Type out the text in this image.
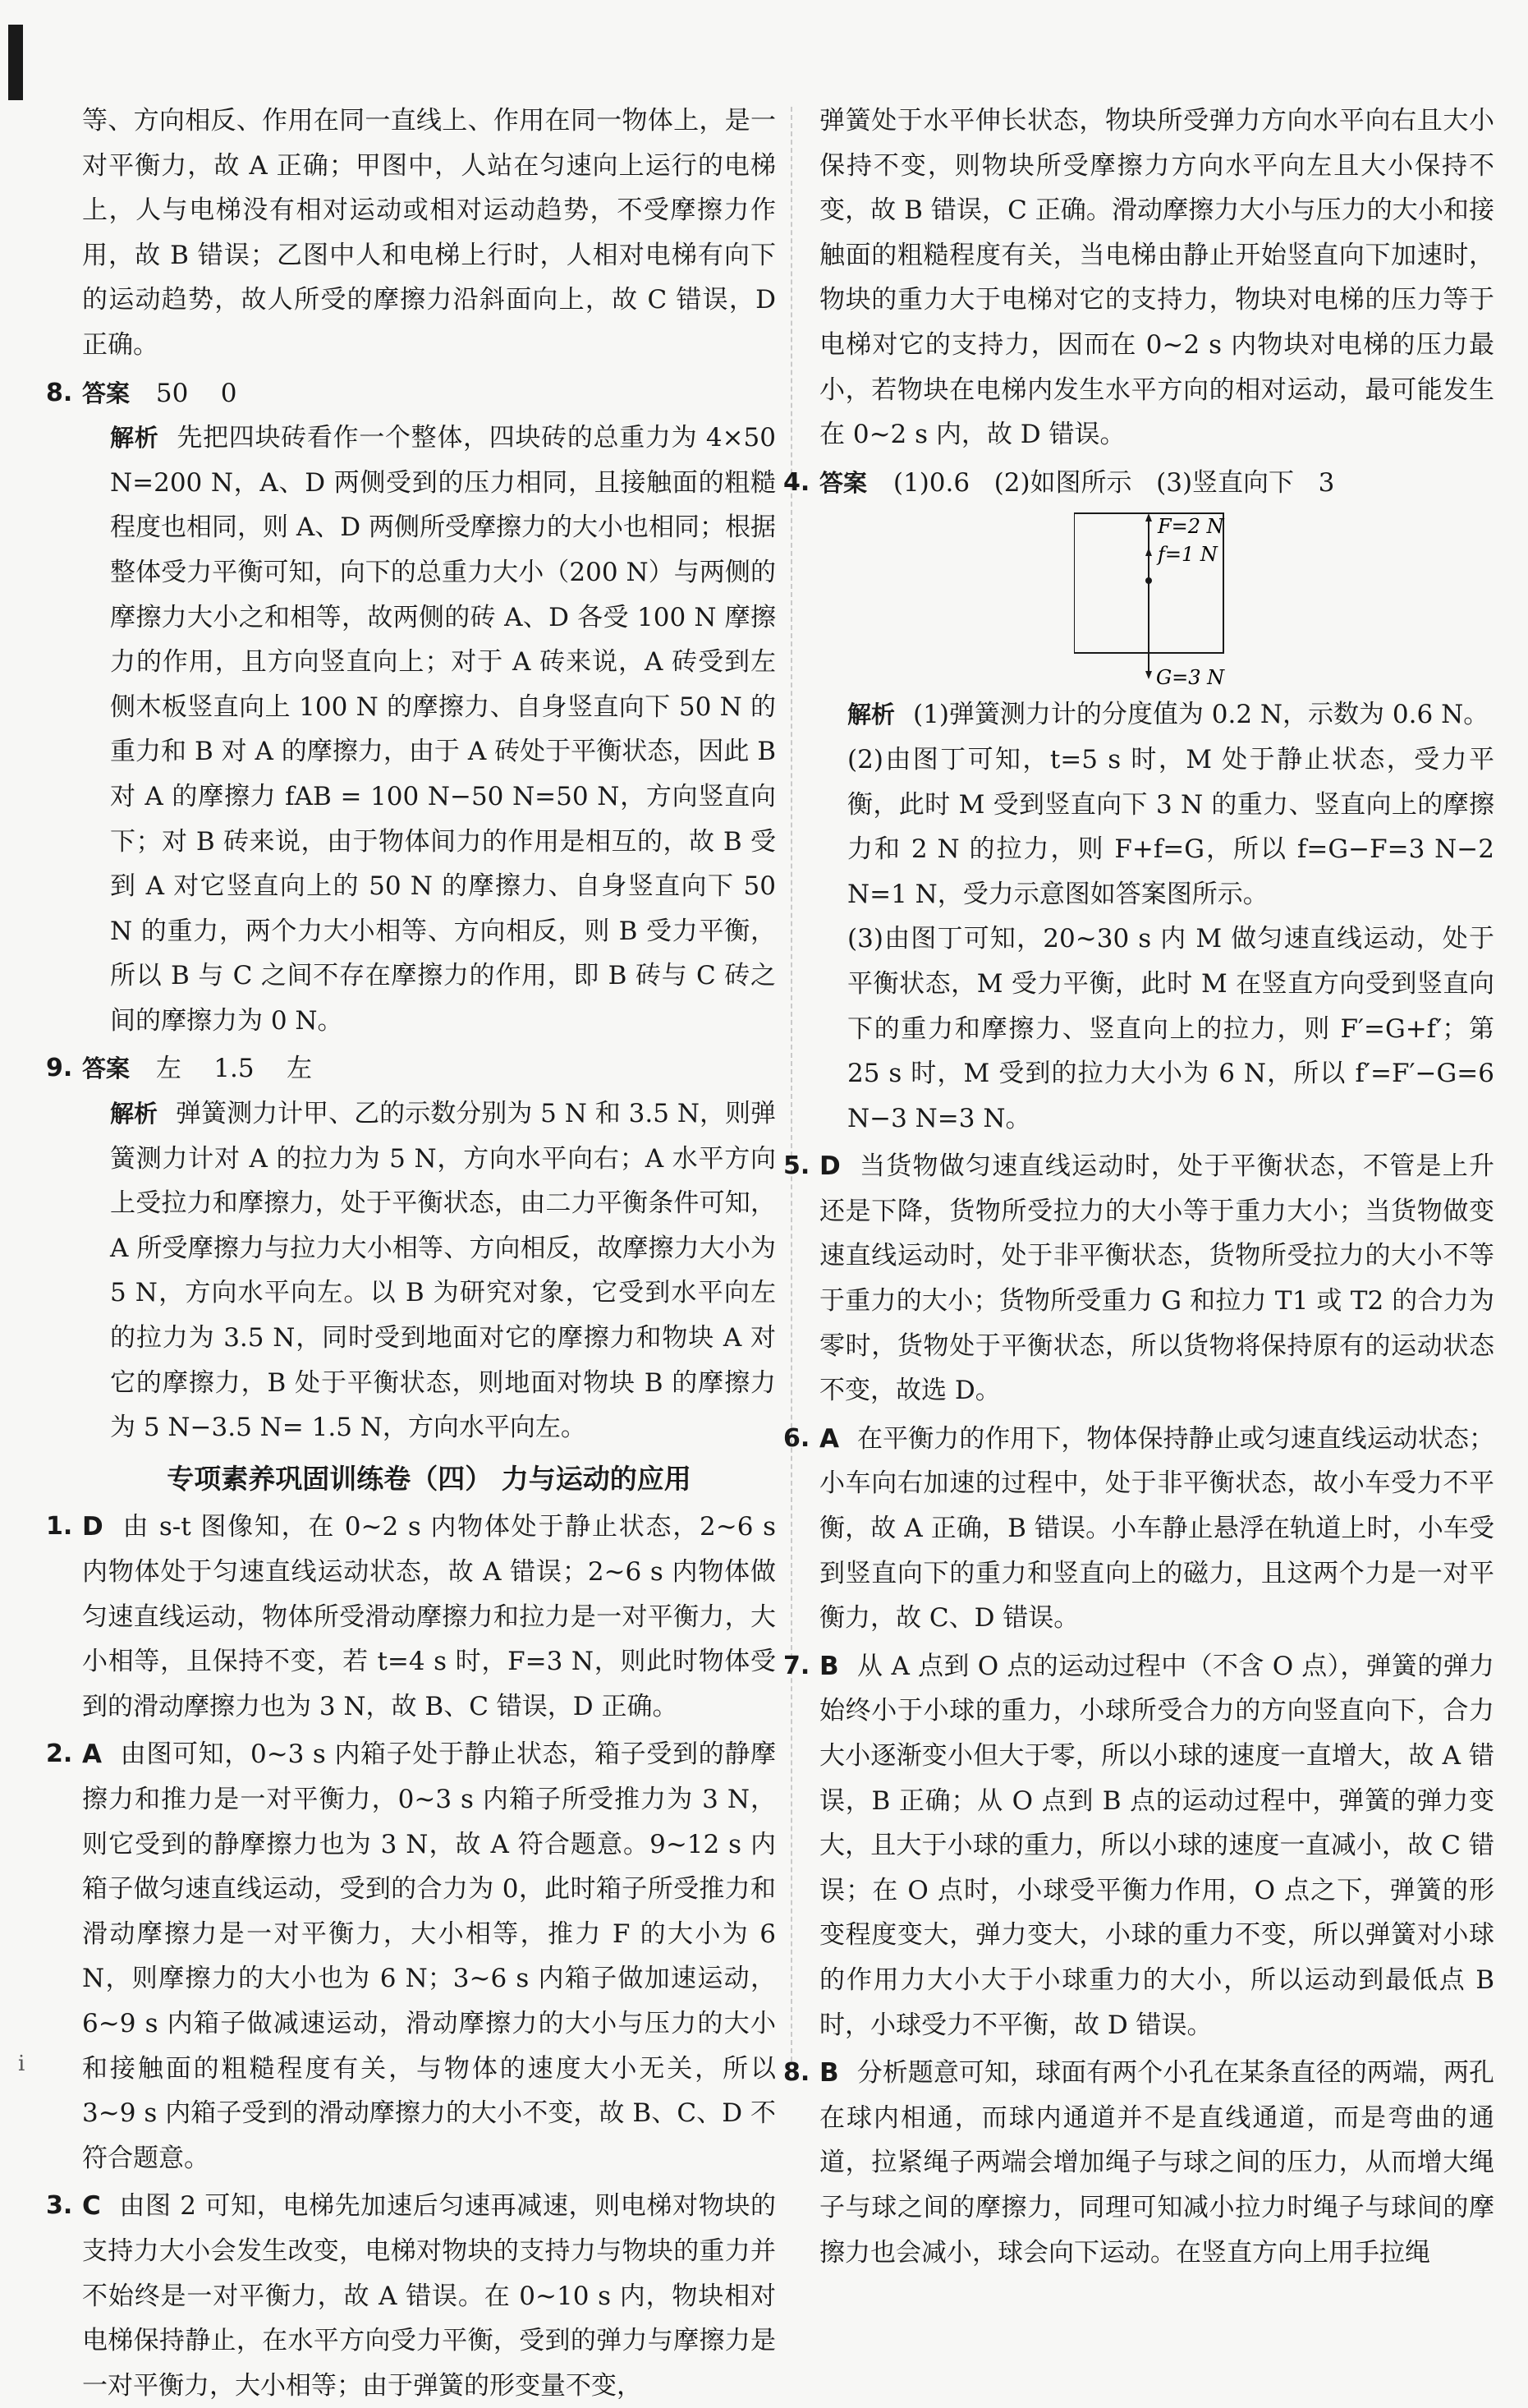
等、方向相反、作用在同一直线上、作用在同一物体上，是一对平衡力，故 A 正确；甲图中，人站在匀速向上运行的电梯上，人与电梯没有相对运动或相对运动趋势，不受摩擦力作用，故 B 错误；乙图中人和电梯上行时，人相对电梯有向下的运动趋势，故人所受的摩擦力沿斜面向上，故 C 错误，D 正确。

8. 答案 50    0

解析 先把四块砖看作一个整体，四块砖的总重力为 4×50 N=200 N，A、D 两侧受到的压力相同，且接触面的粗糙程度也相同，则 A、D 两侧所受摩擦力的大小也相同；根据整体受力平衡可知，向下的总重力大小（200 N）与两侧的摩擦力大小之和相等，故两侧的砖 A、D 各受 100 N 摩擦力的作用，且方向竖直向上；对于 A 砖来说，A 砖受到左侧木板竖直向上 100 N 的摩擦力、自身竖直向下 50 N 的重力和 B 对 A 的摩擦力，由于 A 砖处于平衡状态，因此 B 对 A 的摩擦力 fAB = 100 N−50 N=50 N，方向竖直向下；对 B 砖来说，由于物体间力的作用是相互的，故 B 受到 A 对它竖直向上的 50 N 的摩擦力、自身竖直向下 50 N 的重力，两个力大小相等、方向相反，则 B 受力平衡，所以 B 与 C 之间不存在摩擦力的作用，即 B 砖与 C 砖之间的摩擦力为 0 N。

9. 答案 左    1.5    左

解析 弹簧测力计甲、乙的示数分别为 5 N 和 3.5 N，则弹簧测力计对 A 的拉力为 5 N，方向水平向右；A 水平方向上受拉力和摩擦力，处于平衡状态，由二力平衡条件可知，A 所受摩擦力与拉力大小相等、方向相反，故摩擦力大小为 5 N，方向水平向左。以 B 为研究对象，它受到水平向左的拉力为 3.5 N，同时受到地面对它的摩擦力和物块 A 对它的摩擦力，B 处于平衡状态，则地面对物块 B 的摩擦力为 5 N−3.5 N= 1.5 N，方向水平向左。

专项素养巩固训练卷（四） 力与运动的应用
1. D 由 s-t 图像知，在 0~2 s 内物体处于静止状态，2~6 s 内物体处于匀速直线运动状态，故 A 错误；2~6 s 内物体做匀速直线运动，物体所受滑动摩擦力和拉力是一对平衡力，大小相等，且保持不变，若 t=4 s 时，F=3 N，则此时物体受到的滑动摩擦力也为 3 N，故 B、C 错误，D 正确。

2. A 由图可知，0~3 s 内箱子处于静止状态，箱子受到的静摩擦力和推力是一对平衡力，0~3 s 内箱子所受推力为 3 N，则它受到的静摩擦力也为 3 N，故 A 符合题意。9~12 s 内箱子做匀速直线运动，受到的合力为 0，此时箱子所受推力和滑动摩擦力是一对平衡力，大小相等，推力 F 的大小为 6 N，则摩擦力的大小也为 6 N；3~6 s 内箱子做加速运动，6~9 s 内箱子做减速运动，滑动摩擦力的大小与压力的大小和接触面的粗糙程度有关，与物体的速度大小无关，所以 3~9 s 内箱子受到的滑动摩擦力的大小不变，故 B、C、D 不符合题意。

3. C 由图 2 可知，电梯先加速后匀速再减速，则电梯对物块的支持力大小会发生改变，电梯对物块的支持力与物块的重力并不始终是一对平衡力，故 A 错误。在 0~10 s 内，物块相对电梯保持静止，在水平方向受力平衡，受到的弹力与摩擦力是一对平衡力，大小相等；由于弹簧的形变量不变，

弹簧处于水平伸长状态，物块所受弹力方向水平向右且大小保持不变，则物块所受摩擦力方向水平向左且大小保持不变，故 B 错误，C 正确。滑动摩擦力大小与压力的大小和接触面的粗糙程度有关，当电梯由静止开始竖直向下加速时，物块的重力大于电梯对它的支持力，物块对电梯的压力等于电梯对它的支持力，因而在 0~2 s 内物块对电梯的压力最小，若物块在电梯内发生水平方向的相对运动，最可能发生在 0~2 s 内，故 D 错误。

4. 答案 (1)0.6   (2)如图所示   (3)竖直向下   3
F=2 N
f=1 N
G=3 N

解析 (1)弹簧测力计的分度值为 0.2 N，示数为 0.6 N。

(2)由图丁可知，t=5 s 时，M 处于静止状态，受力平衡，此时 M 受到竖直向下 3 N 的重力、竖直向上的摩擦力和 2 N 的拉力，则 F+f=G，所以 f=G−F=3 N−2 N=1 N，受力示意图如答案图所示。

(3)由图丁可知，20~30 s 内 M 做匀速直线运动，处于平衡状态，M 受力平衡，此时 M 在竖直方向受到竖直向下的重力和摩擦力、竖直向上的拉力，则 F′=G+f′；第 25 s 时，M 受到的拉力大小为 6 N，所以 f′=F′−G=6 N−3 N=3 N。

5. D 当货物做匀速直线运动时，处于平衡状态，不管是上升还是下降，货物所受拉力的大小等于重力大小；当货物做变速直线运动时，处于非平衡状态，货物所受拉力的大小不等于重力的大小；货物所受重力 G 和拉力 T1 或 T2 的合力为零时，货物处于平衡状态，所以货物将保持原有的运动状态不变，故选 D。

6. A 在平衡力的作用下，物体保持静止或匀速直线运动状态；小车向右加速的过程中，处于非平衡状态，故小车受力不平衡，故 A 正确，B 错误。小车静止悬浮在轨道上时，小车受到竖直向下的重力和竖直向上的磁力，且这两个力是一对平衡力，故 C、D 错误。

7. B 从 A 点到 O 点的运动过程中（不含 O 点），弹簧的弹力始终小于小球的重力，小球所受合力的方向竖直向下，合力大小逐渐变小但大于零，所以小球的速度一直增大，故 A 错误，B 正确；从 O 点到 B 点的运动过程中，弹簧的弹力变大，且大于小球的重力，所以小球的速度一直减小，故 C 错误；在 O 点时，小球受平衡力作用，O 点之下，弹簧的形变程度变大，弹力变大，小球的重力不变，所以弹簧对小球的作用力大小大于小球重力的大小，所以运动到最低点 B 时，小球受力不平衡，故 D 错误。

8. B 分析题意可知，球面有两个小孔在某条直径的两端，两孔在球内相通，而球内通道并不是直线通道，而是弯曲的通道，拉紧绳子两端会增加绳子与球之间的压力，从而增大绳子与球之间的摩擦力，同理可知减小拉力时绳子与球间的摩擦力也会减小，球会向下运动。在竖直方向上用手拉绳

i
